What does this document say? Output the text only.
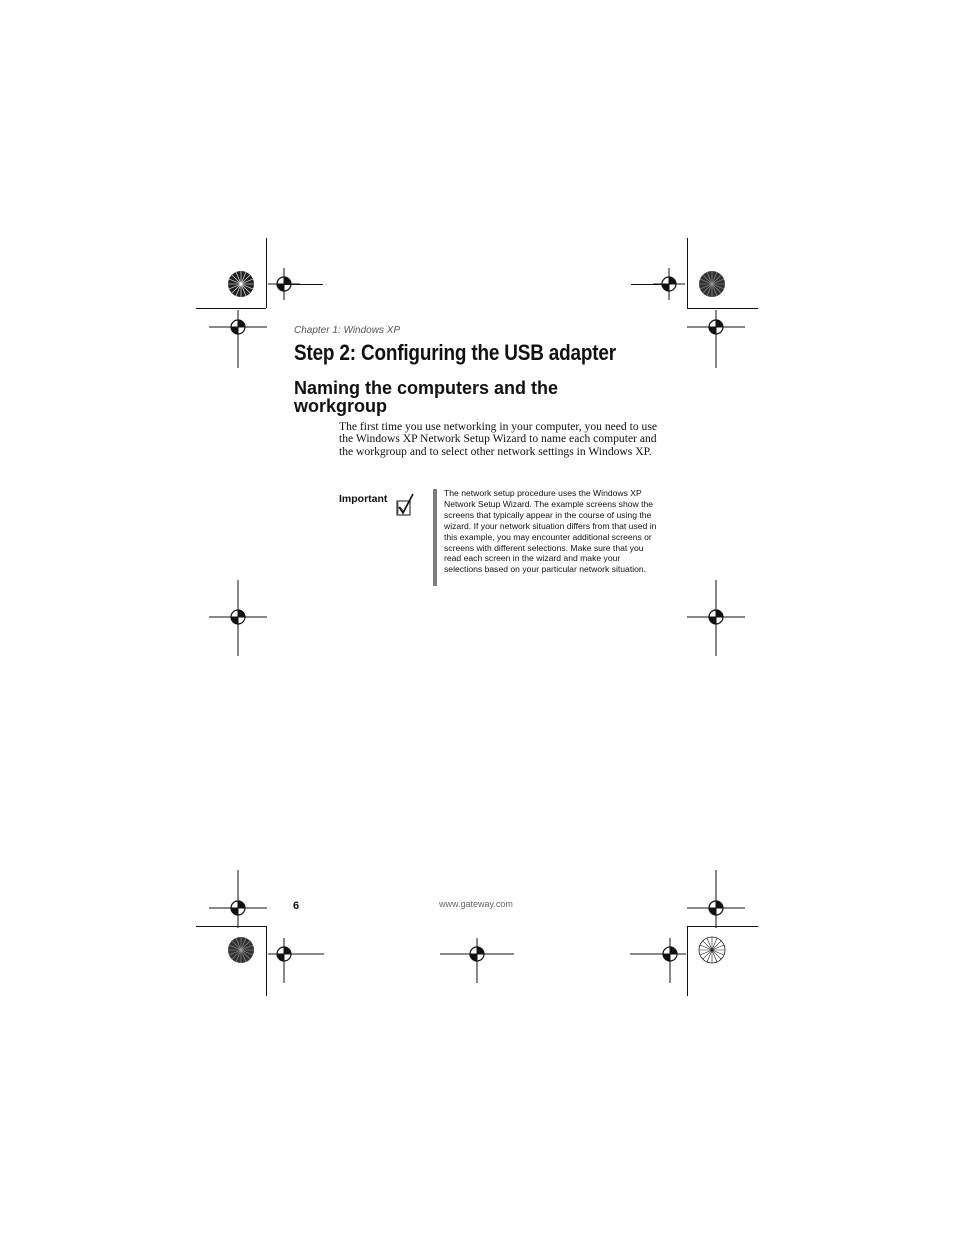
Chapter 1: Windows XP
Step 2: Configuring the USB adapter
Naming the computers and the workgroup

The first time you use networking in your computer, you need to use the Windows XP Network Setup Wizard to name each computer and the workgroup and to select other network settings in Windows XP.

Important	The network setup procedure uses the Windows XP Network Setup Wizard. The example screens show the screens that typically appear in the course of using the wizard. If your network situation differs from that used in this example, you may encounter additional screens or screens with different selections. Make sure that you read each screen in the wizard and make your selections based on your particular network situation.
6	www.gateway.com
